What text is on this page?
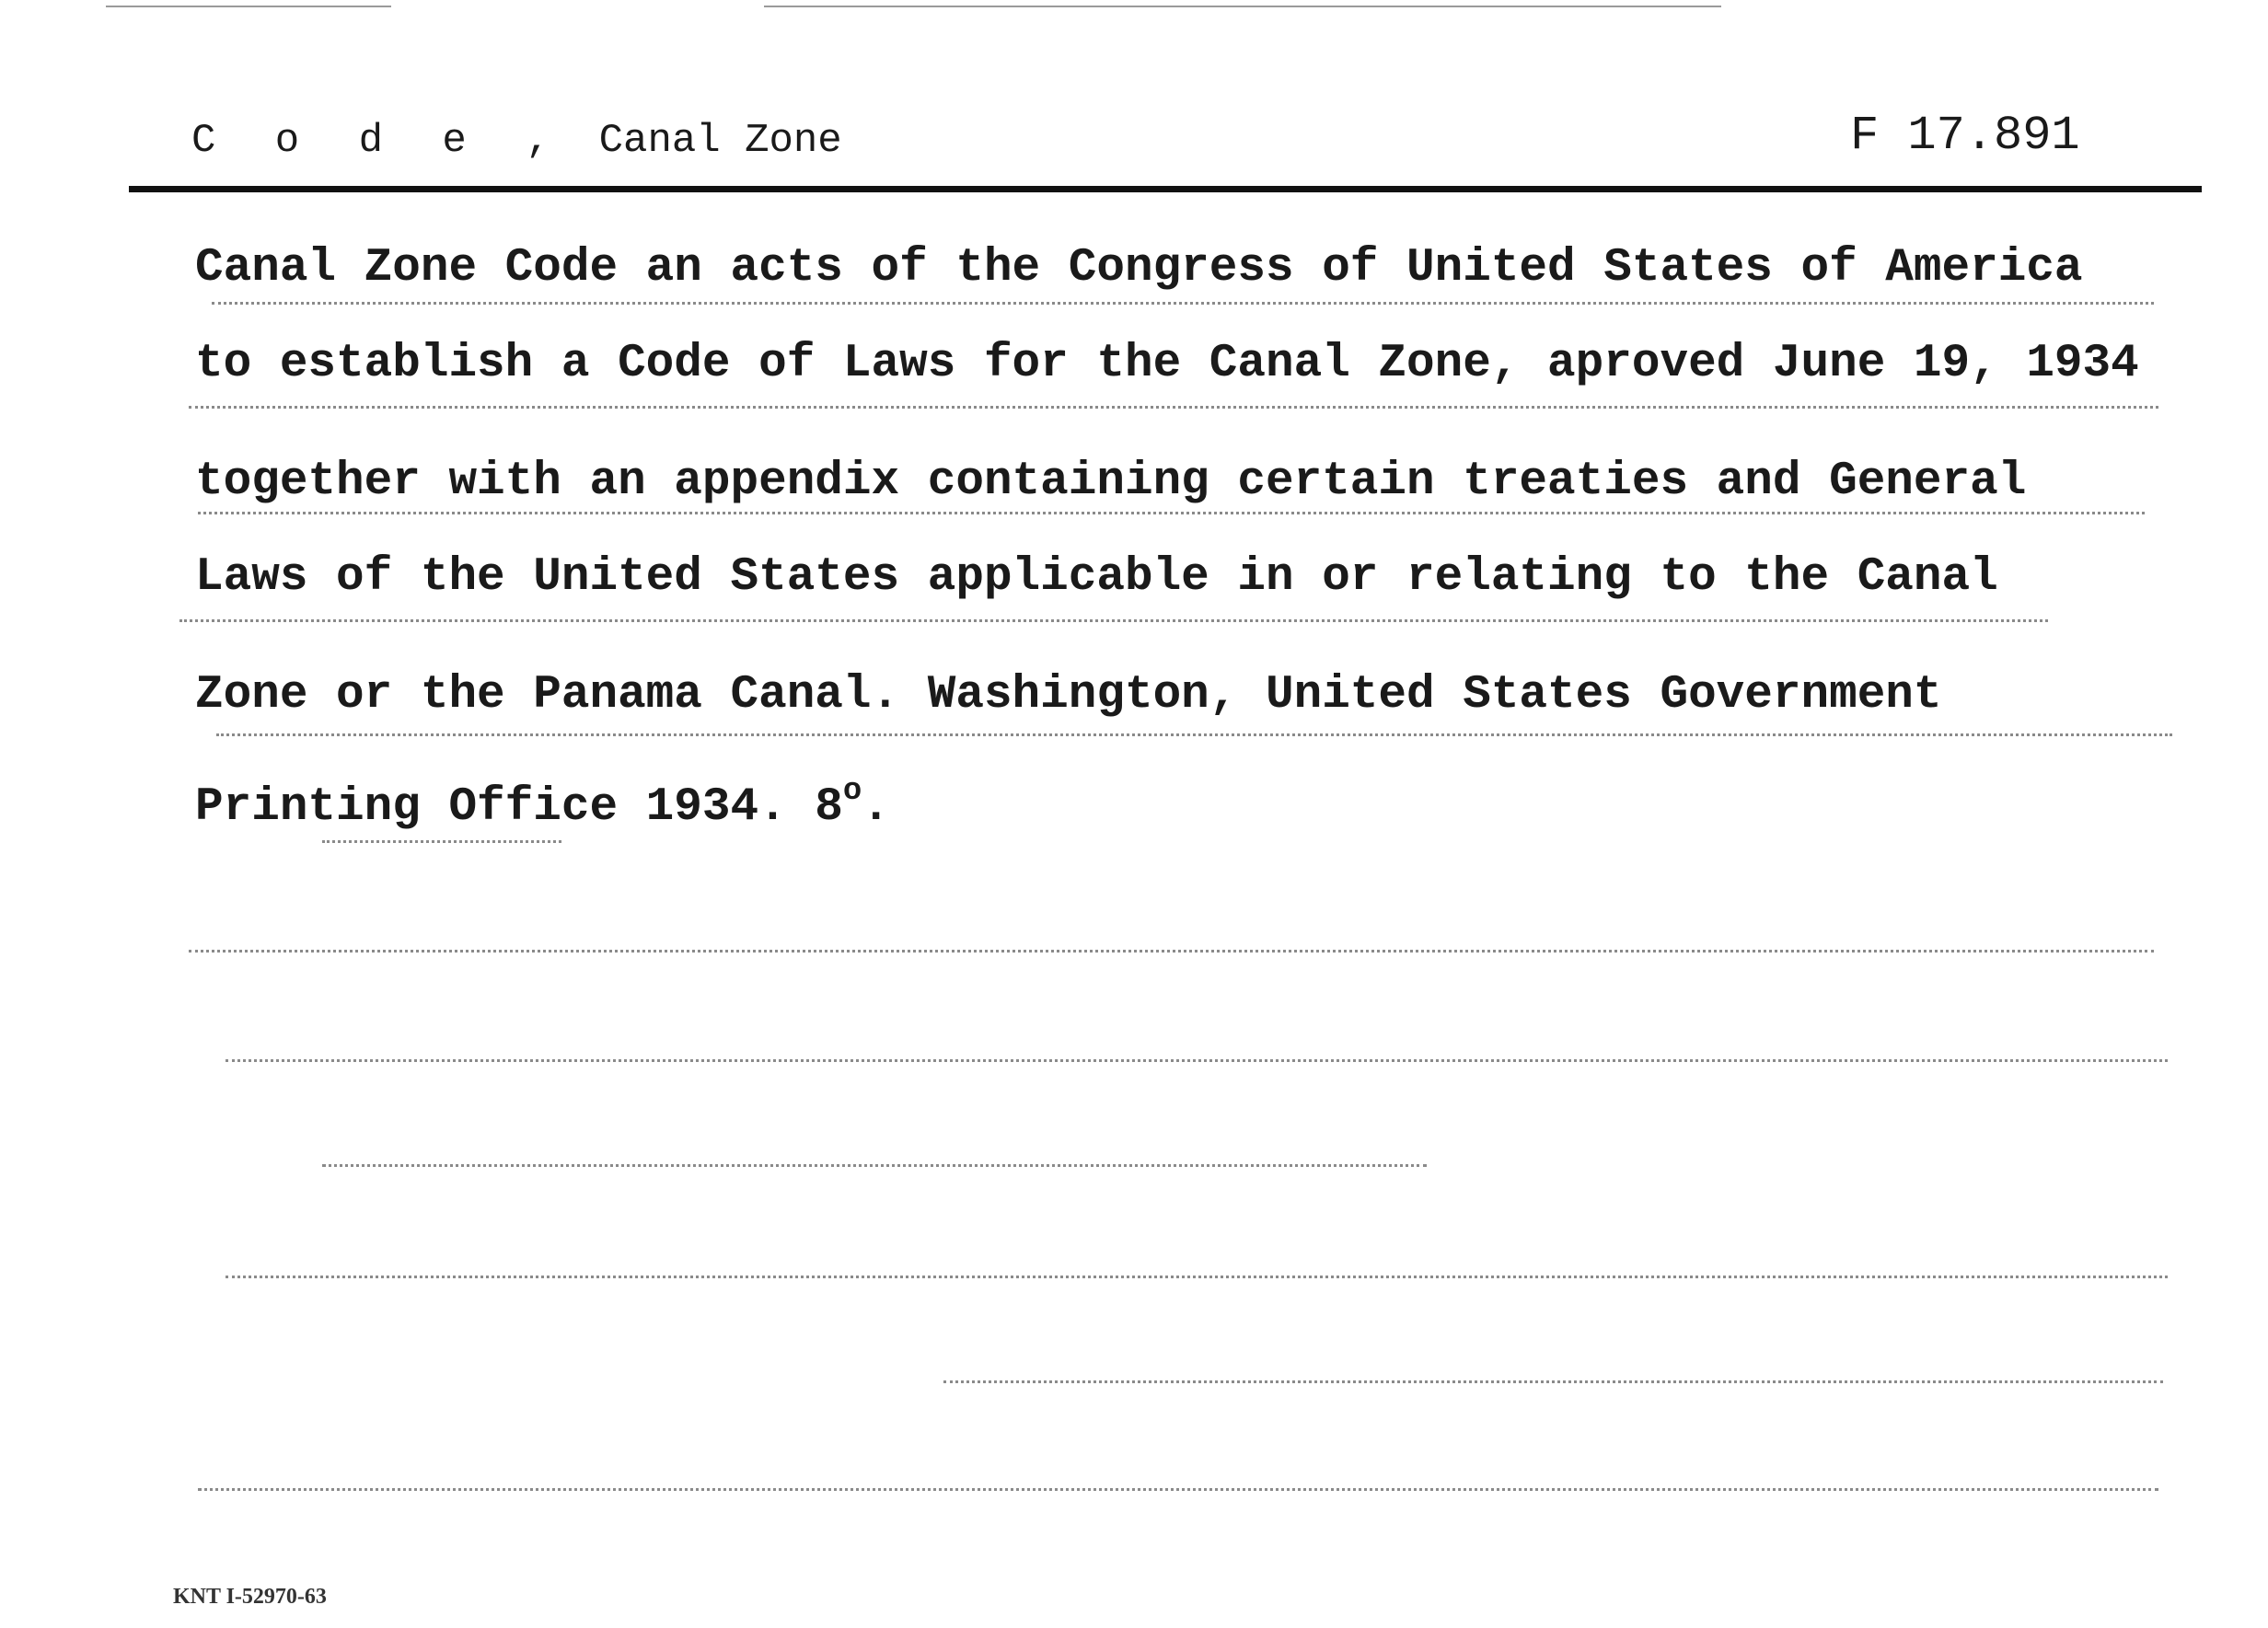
C o d e , Canal Zone	F 17.891
Canal Zone Code an acts of the Congress of United States of America
to establish a Code of Laws for the Canal Zone, aproved June 19, 1934
together with an appendix containing certain treaties and General
Laws of the United States applicable in or relating to the Canal
Zone or the Panama Canal. Washington, United States Government
Printing Office 1934. 8$^o$.
KNT I-52970-63
